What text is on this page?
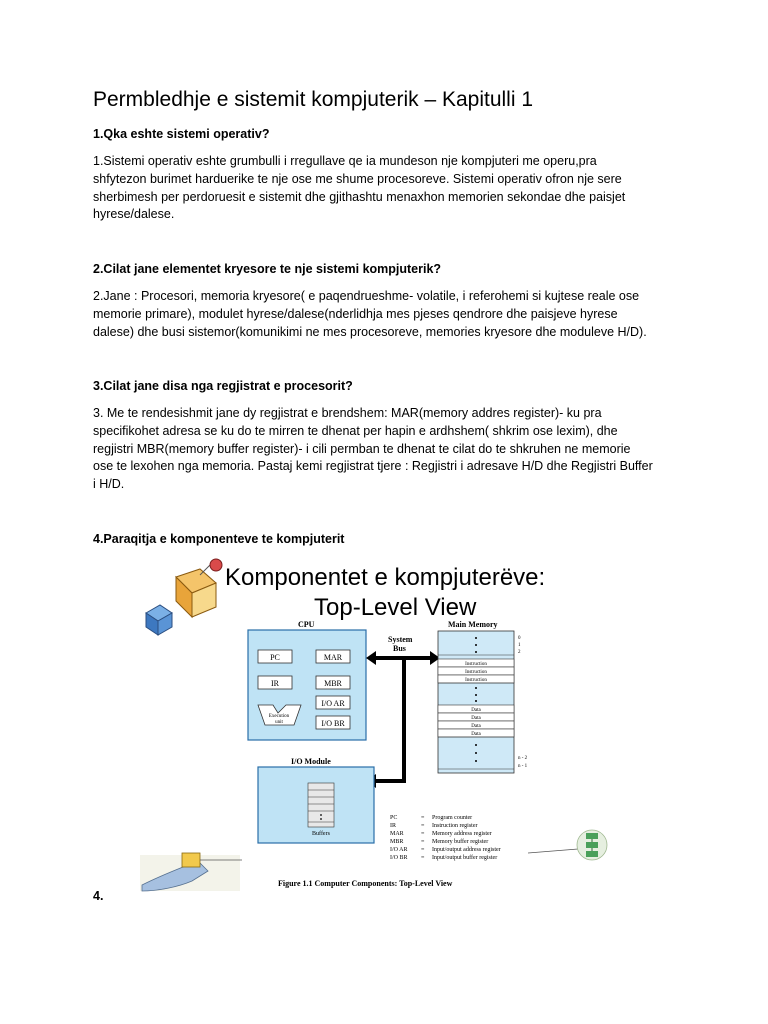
Permbledhje e sistemit kompjuterik – Kapitulli 1
1.Qka eshte sistemi operativ?
1.Sistemi operativ eshte grumbulli i rregullave qe ia mundeson nje kompjuteri me operu,pra
shfytezon burimet harduerike te nje ose me shume procesoreve. Sistemi operativ ofron nje sere
sherbimesh per perdoruesit e sistemit dhe gjithashtu menaxhon memorien sekondae dhe paisjet
hyrese/dalese.
2.Cilat jane elementet kryesore te nje sistemi kompjuterik?
2.Jane : Procesori, memoria kryesore( e paqendrueshme- volatile, i referohemi si kujtese reale ose
memorie primare), modulet hyrese/dalese(nderlidhja mes pjeses qendrore dhe paisjeve hyrese
dalese) dhe busi sistemor(komunikimi ne mes procesoreve, memories kryesore dhe moduleve H/D).
3.Cilat jane disa nga regjistrat e procesorit?
3. Me te rendesishmit jane dy regjistrat e brendshem: MAR(memory addres register)- ku pra
specifikohet adresa se ku do te mirren te dhenat per hapin e ardhshem( shkrim ose lexim), dhe
regjistri MBR(memory buffer register)- i cili permban te dhenat te cilat do te shkruhen ne memorie
ose te lexohen nga memoria. Pastaj kemi regjistrat tjere : Regjistri i adresave H/D dhe Regjistri Buffer
i H/D.
4.Paraqitja e komponenteve te kompjuterit
Komponentet e kompjuterëve:
Top-Level View
CPU
PC	MAR
IR	MBR
I/O AR
I/O BR
Execution
unit
System
Bus
Main Memory
Instruction
Instruction
Instruction
Data
Data
Data
Data
0
1
2
n - 2
n - 1
I/O Module
Buffers
PC	= Program counter
IR	= Instruction register
MAR	= Memory address register
MBR	= Memory buffer register
I/O AR = Input/output address register
I/O BR = Input/output buffer register
Figure 1.1 Computer Components: Top-Level View
4.
